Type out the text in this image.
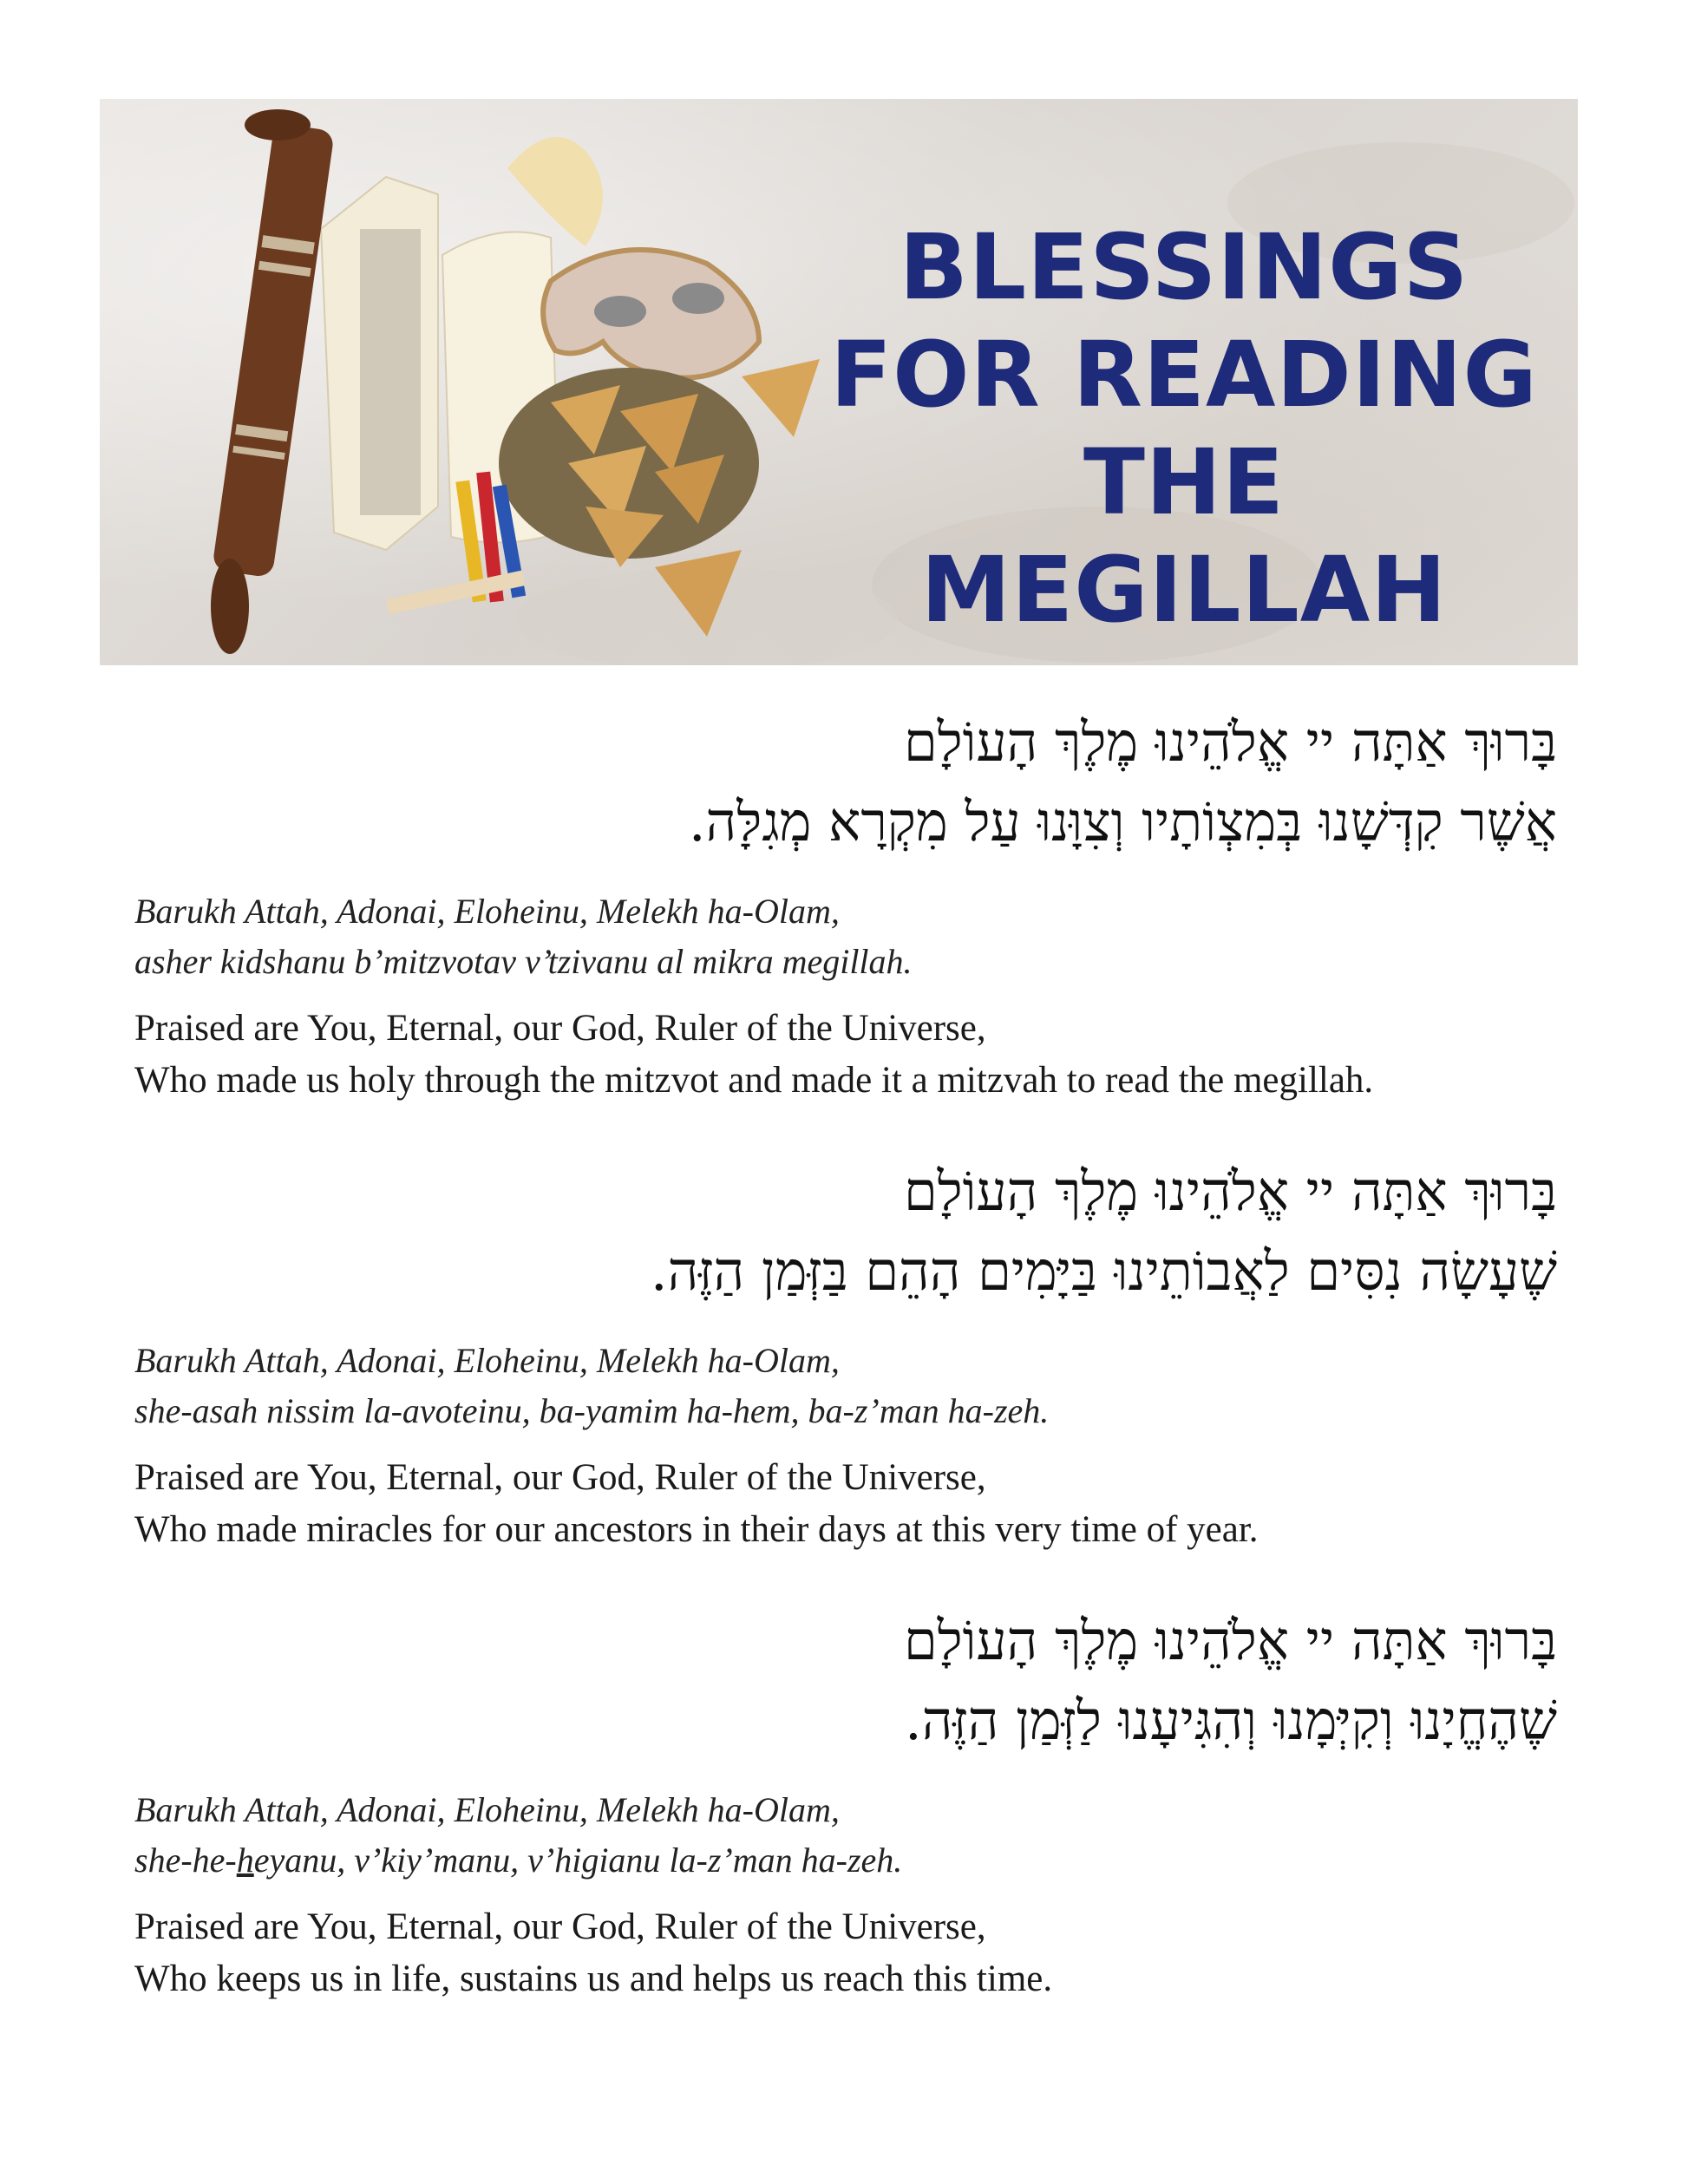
BLESSINGS
FOR READING
THE MEGILLAH
בָּרוּךְ אַתָּה יי אֱלֹהֵינוּ מֶלֶךְ הָעוֹלָם
אֲשֶׁר קִדְּשָׁנוּ בְּמִצְוֹתָיו וְצִוָּנוּ עַל מִקְרָא מְגִלָּה.
Barukh Attah, Adonai, Eloheinu, Melekh ha-Olam,
asher kidshanu b’mitzvotav v’tzivanu al mikra megillah.
Praised are You, Eternal, our God, Ruler of the Universe,
Who made us holy through the mitzvot and made it a mitzvah to read the megillah.
בָּרוּךְ אַתָּה יי אֱלֹהֵינוּ מֶלֶךְ הָעוֹלָם
שֶׁעָשָׂה נִסִּים לַאֲבוֹתֵינוּ בַּיָּמִים הָהֵם בַּזְּמַן הַזֶּה.
Barukh Attah, Adonai, Eloheinu, Melekh ha-Olam,
she-asah nissim la-avoteinu, ba-yamim ha-hem, ba-z’man ha-zeh.
Praised are You, Eternal, our God, Ruler of the Universe,
Who made miracles for our ancestors in their days at this very time of year.
בָּרוּךְ אַתָּה יי אֱלֹהֵינוּ מֶלֶךְ הָעוֹלָם
שֶׁהֶחֱיָנוּ וְקִיְּמָנוּ וְהִגִּיעָנוּ לַזְּמַן הַזֶּה.
Barukh Attah, Adonai, Eloheinu, Melekh ha-Olam,
she-he-heyanu, v’kiy’manu, v’higianu la-z’man ha-zeh.
Praised are You, Eternal, our God, Ruler of the Universe,
Who keeps us in life, sustains us and helps us reach this time.
